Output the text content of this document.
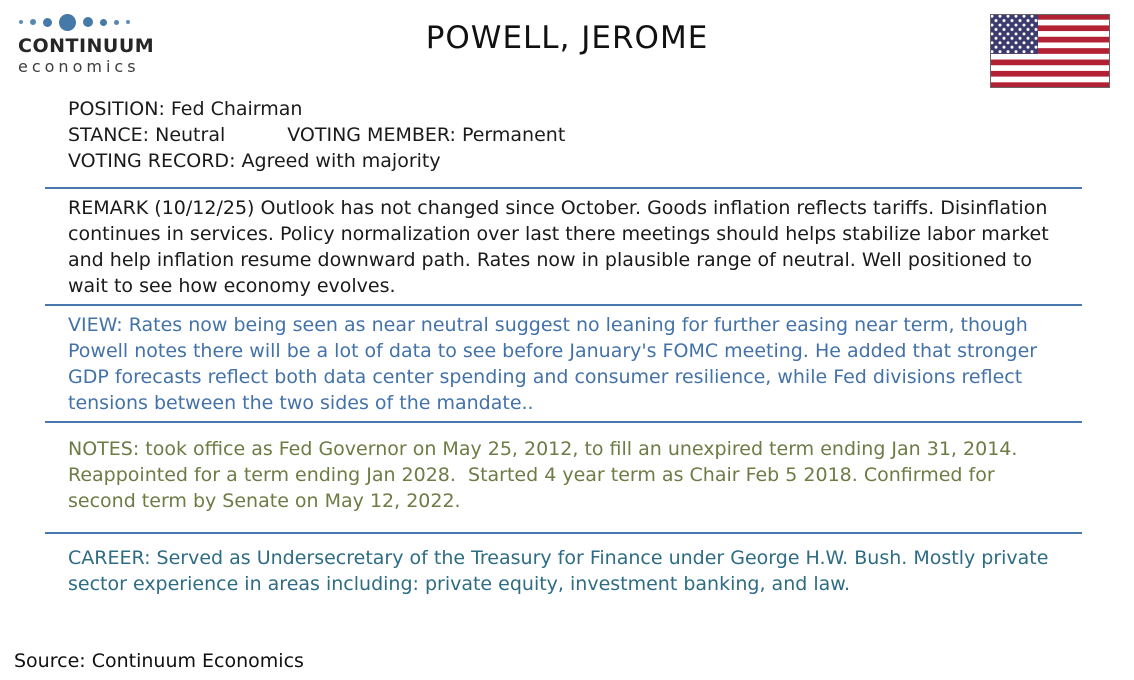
CONTINUUM
economics
POWELL, JEROME
POSITION: Fed Chairman
STANCE: Neutral	VOTING MEMBER: Permanent
VOTING RECORD: Agreed with majority

REMARK (10/12/25) Outlook has not changed since October. Goods inflation reflects tariffs. Disinflation continues in services. Policy normalization over last there meetings should helps stabilize labor market and help inflation resume downward path. Rates now in plausible range of neutral. Well positioned to wait to see how economy evolves.

VIEW: Rates now being seen as near neutral suggest no leaning for further easing near term, though Powell notes there will be a lot of data to see before January's FOMC meeting. He added that stronger GDP forecasts reflect both data center spending and consumer resilience, while Fed divisions reflect tensions between the two sides of the mandate..

NOTES: took office as Fed Governor on May 25, 2012, to fill an unexpired term ending Jan 31, 2014. Reappointed for a term ending Jan 2028.  Started 4 year term as Chair Feb 5 2018. Confirmed for second term by Senate on May 12, 2022.

CAREER: Served as Undersecretary of the Treasury for Finance under George H.W. Bush. Mostly private sector experience in areas including: private equity, investment banking, and law.

Source: Continuum Economics
